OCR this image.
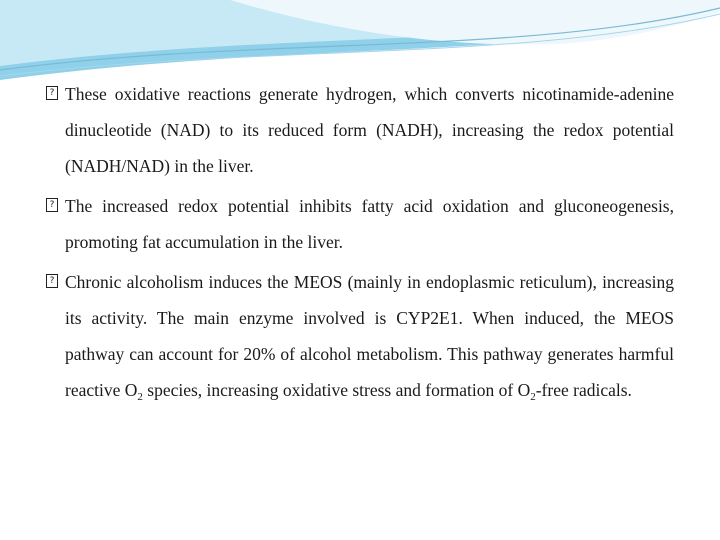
? These oxidative reactions generate hydrogen, which converts nicotinamide-adenine dinucleotide (NAD) to its reduced form (NADH), increasing the redox potential (NADH/NAD) in the liver.
? The increased redox potential inhibits fatty acid oxidation and gluconeogenesis, promoting fat accumulation in the liver.
? Chronic alcoholism induces the MEOS (mainly in endoplasmic reticulum), increasing its activity. The main enzyme involved is CYP2E1. When induced, the MEOS pathway can account for 20% of alcohol metabolism. This pathway generates harmful reactive $O_2$ species, increasing oxidative stress and formation of $O_2$-free radicals.
